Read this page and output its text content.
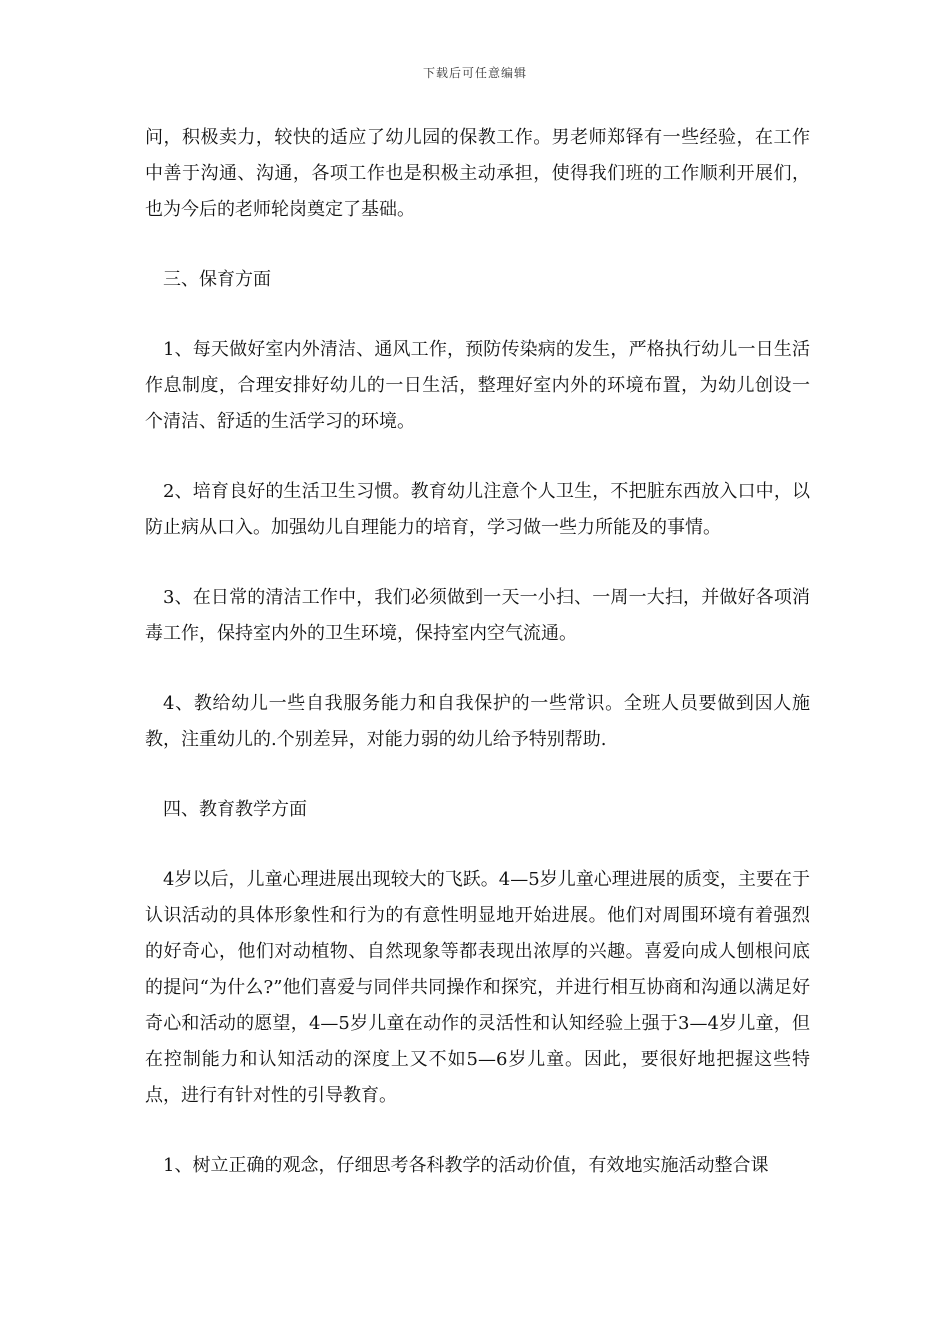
下载后可任意编辑

问，积极卖力，较快的适应了幼儿园的保教工作。男老师郑铎有一些经验，在工作中善于沟通、沟通，各项工作也是积极主动承担，使得我们班的工作顺利开展们，也为今后的老师轮岗奠定了基础。

三、保育方面

1、每天做好室内外清洁、通风工作，预防传染病的发生，严格执行幼儿一日生活作息制度，合理安排好幼儿的一日生活，整理好室内外的环境布置，为幼儿创设一个清洁、舒适的生活学习的环境。

2、培育良好的生活卫生习惯。教育幼儿注意个人卫生，不把脏东西放入口中，以防止病从口入。加强幼儿自理能力的培育，学习做一些力所能及的事情。

3、在日常的清洁工作中，我们必须做到一天一小扫、一周一大扫，并做好各项消毒工作，保持室内外的卫生环境，保持室内空气流通。

4、教给幼儿一些自我服务能力和自我保护的一些常识。全班人员要做到因人施教，注重幼儿的.个别差异，对能力弱的幼儿给予特别帮助.

四、教育教学方面

4岁以后，儿童心理进展出现较大的飞跃。4—5岁儿童心理进展的质变，主要在于认识活动的具体形象性和行为的有意性明显地开始进展。他们对周围环境有着强烈的好奇心，他们对动植物、自然现象等都表现出浓厚的兴趣。喜爱向成人刨根问底的提问“为什么?”他们喜爱与同伴共同操作和探究，并进行相互协商和沟通以满足好奇心和活动的愿望，4—5岁儿童在动作的灵活性和认知经验上强于3—4岁儿童，但在控制能力和认知活动的深度上又不如5—6岁儿童。因此，要很好地把握这些特点，进行有针对性的引导教育。

1、树立正确的观念，仔细思考各科教学的活动价值，有效地实施活动整合课
